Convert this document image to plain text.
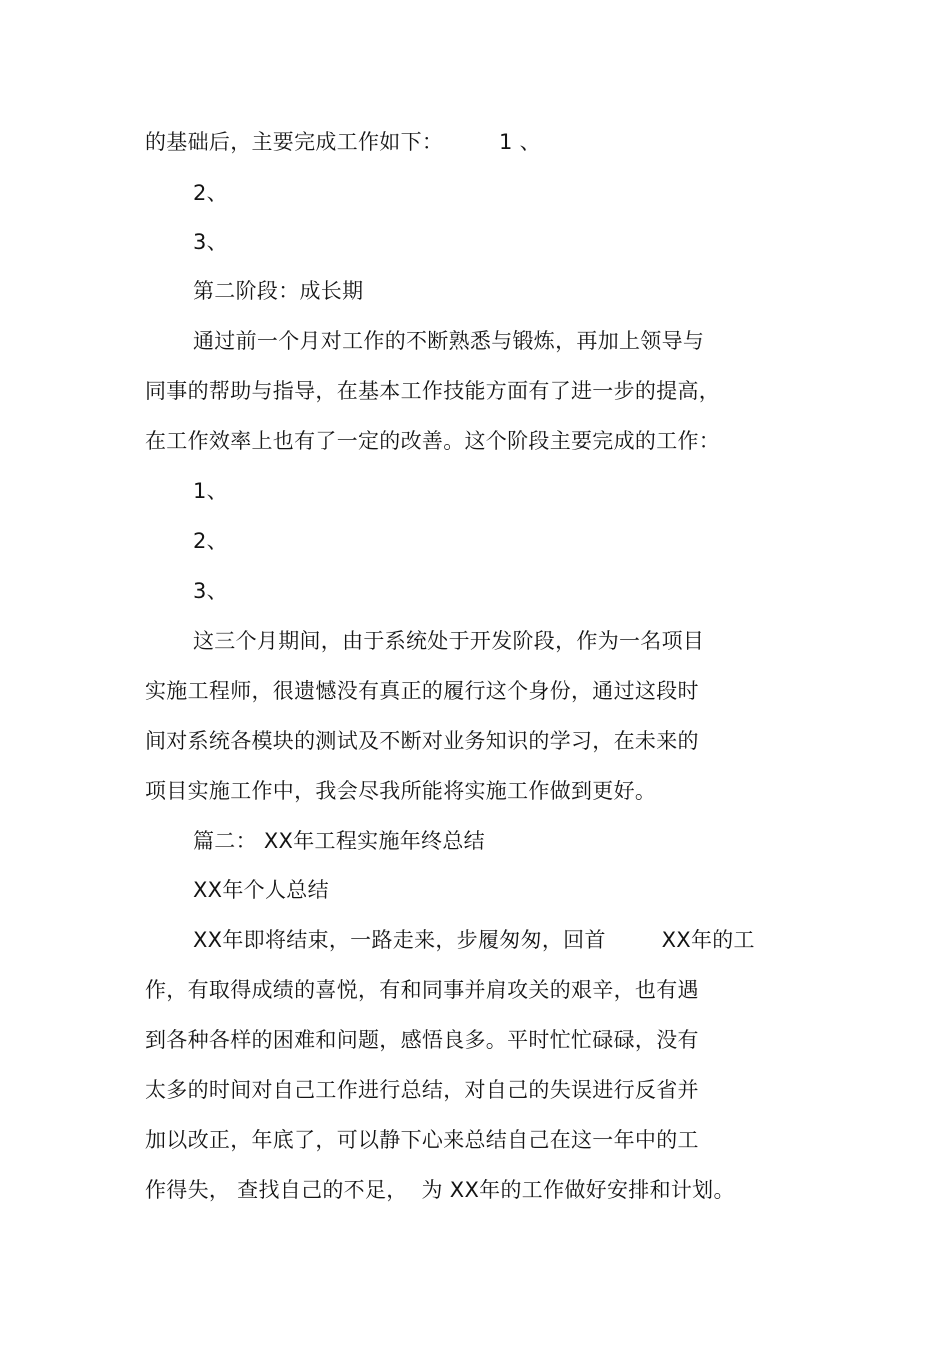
的基础后，主要完成工作如下：        1 、
2、
3、
第二阶段：成长期
通过前一个月对工作的不断熟悉与锻炼，再加上领导与
同事的帮助与指导，在基本工作技能方面有了进一步的提高，
在工作效率上也有了一定的改善。这个阶段主要完成的工作：
1、
2、
3、
这三个月期间，由于系统处于开发阶段，作为一名项目
实施工程师，很遗憾没有真正的履行这个身份，通过这段时
间对系统各模块的测试及不断对业务知识的学习，在未来的
项目实施工作中，我会尽我所能将实施工作做到更好。
篇二： XX年工程实施年终总结
XX年个人总结
XX年即将结束，一路走来，步履匆匆，回首        XX年的工
作，有取得成绩的喜悦，有和同事并肩攻关的艰辛，也有遇
到各种各样的困难和问题，感悟良多。平时忙忙碌碌，没有
太多的时间对自己工作进行总结，对自己的失误进行反省并
加以改正，年底了，可以静下心来总结自己在这一年中的工
作得失， 查找自己的不足，  为 XX年的工作做好安排和计划。
